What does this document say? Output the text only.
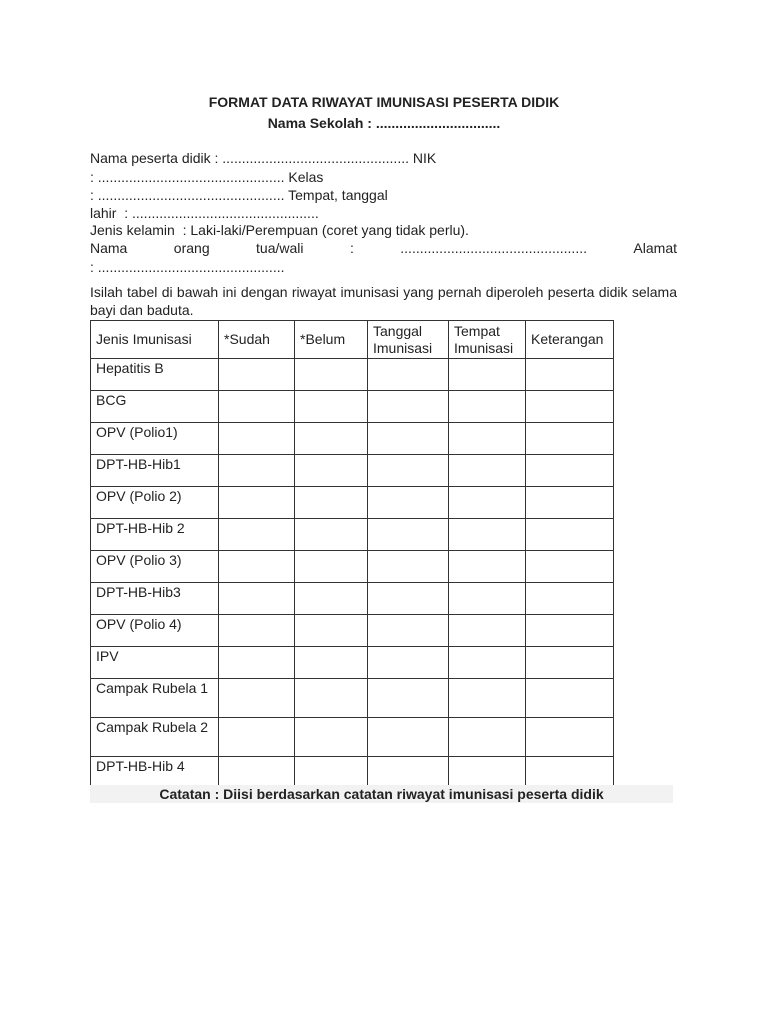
FORMAT DATA RIWAYAT IMUNISASI PESERTA DIDIK
Nama Sekolah : ................................
Nama peserta didik : ................................................ NIK
: ................................................ Kelas
: ................................................ Tempat, tanggal
lahir  : ................................................
Jenis kelamin  : Laki-laki/Perempuan (coret yang tidak perlu).
Nama	orang	tua/wali	:	................................................	Alamat
: ................................................
Isilah tabel di bawah ini dengan riwayat imunisasi yang pernah diperoleh peserta didik selama bayi dan baduta.
Jenis Imunisasi	*Sudah	*Belum	Tanggal Imunisasi	Tempat Imunisasi	Keterangan
Hepatitis B					
BCG					
OPV (Polio1)					
DPT-HB-Hib1					
OPV (Polio 2)					
DPT-HB-Hib 2					
OPV (Polio 3)					
DPT-HB-Hib3					
OPV (Polio 4)					
IPV					
Campak Rubela 1					
Campak Rubela 2					
DPT-HB-Hib 4					
Catatan : Diisi berdasarkan catatan riwayat imunisasi peserta didik
